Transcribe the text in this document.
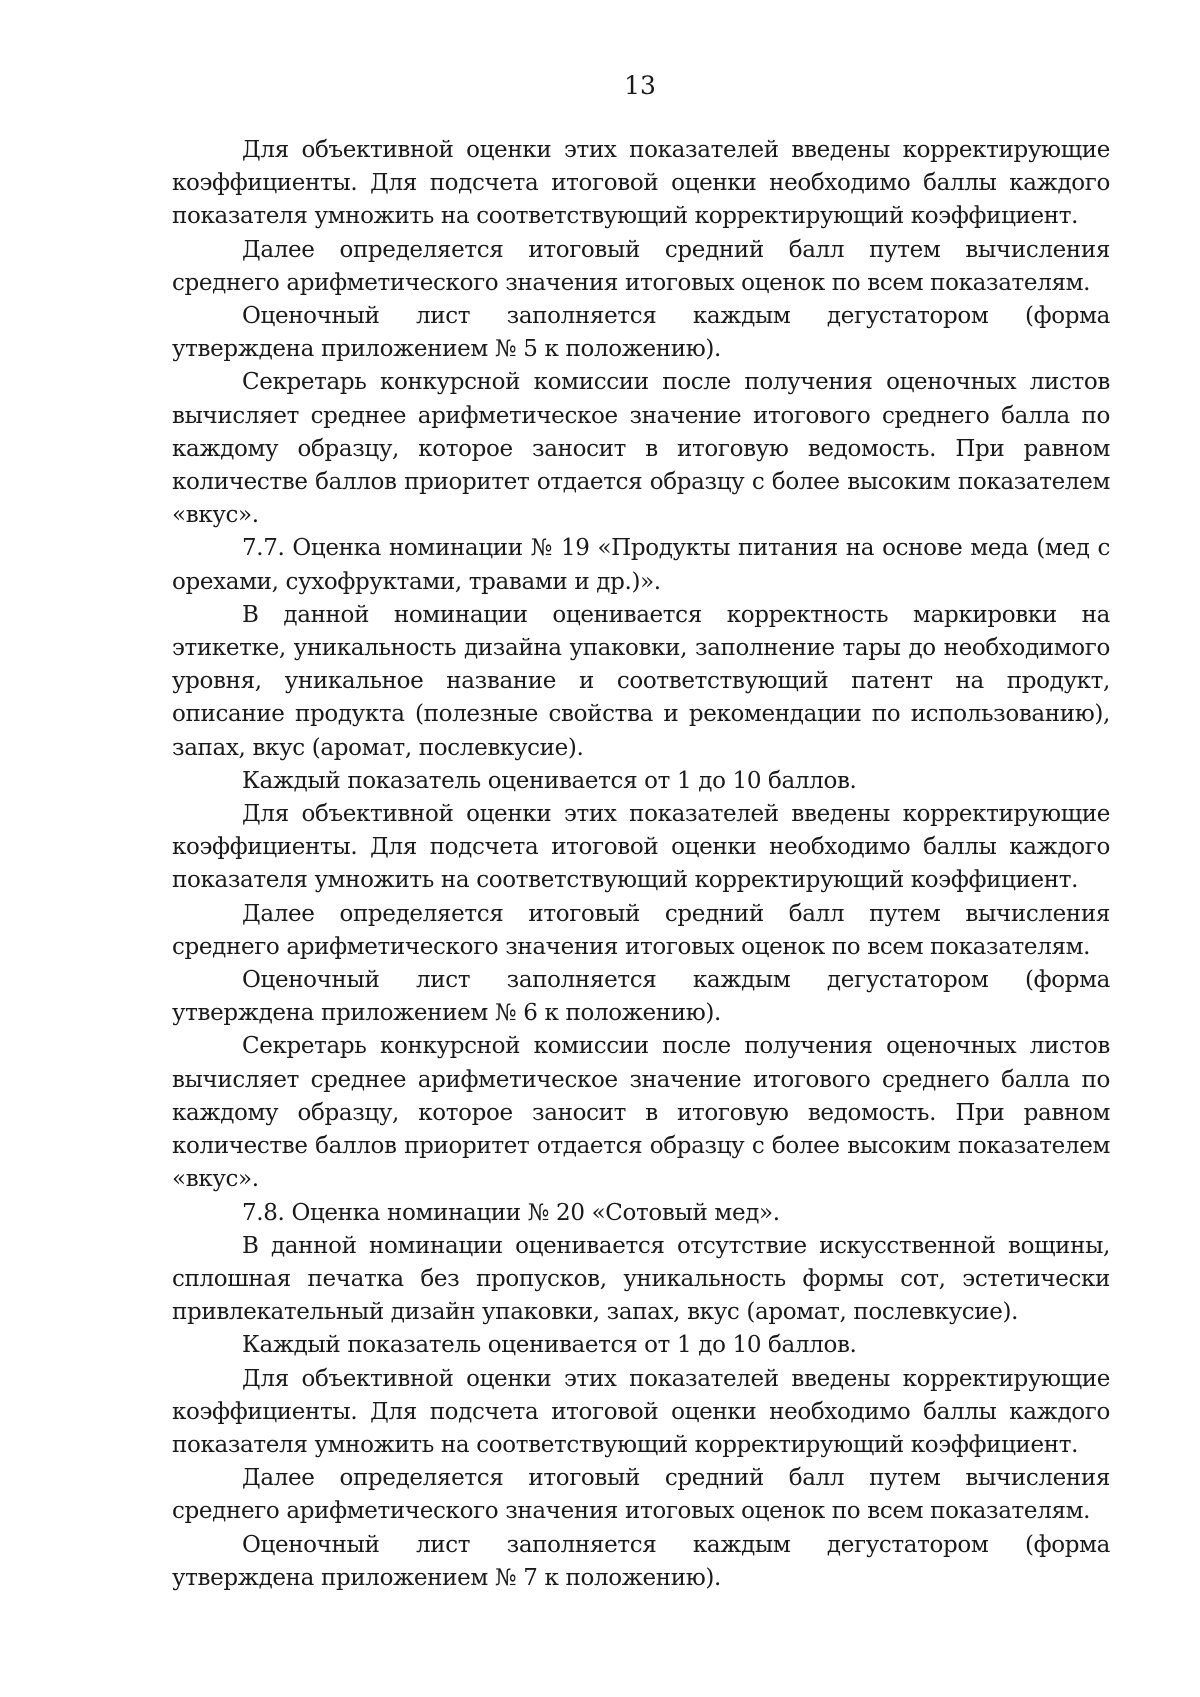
13

Для объективной оценки этих показателей введены корректирующие коэффициенты. Для подсчета итоговой оценки необходимо баллы каждого показателя умножить на соответствующий корректирующий коэффициент.

Далее определяется итоговый средний балл путем вычисления среднего арифметического значения итоговых оценок по всем показателям.

Оценочный лист заполняется каждым дегустатором (форма утверждена приложением № 5 к положению).

Секретарь конкурсной комиссии после получения оценочных листов вычисляет среднее арифметическое значение итогового среднего балла по каждому образцу, которое заносит в итоговую ведомость. При равном количестве баллов приоритет отдается образцу с более высоким показателем «вкус».

7.7. Оценка номинации № 19 «Продукты питания на основе меда (мед с орехами, сухофруктами, травами и др.)».

В данной номинации оценивается корректность маркировки на этикетке, уникальность дизайна упаковки, заполнение тары до необходимого уровня, уникальное название и соответствующий патент на продукт, описание продукта (полезные свойства и рекомендации по использованию), запах, вкус (аромат, послевкусие).

Каждый показатель оценивается от 1 до 10 баллов.

Для объективной оценки этих показателей введены корректирующие коэффициенты. Для подсчета итоговой оценки необходимо баллы каждого показателя умножить на соответствующий корректирующий коэффициент.

Далее определяется итоговый средний балл путем вычисления среднего арифметического значения итоговых оценок по всем показателям.

Оценочный лист заполняется каждым дегустатором (форма утверждена приложением № 6 к положению).

Секретарь конкурсной комиссии после получения оценочных листов вычисляет среднее арифметическое значение итогового среднего балла по каждому образцу, которое заносит в итоговую ведомость. При равном количестве баллов приоритет отдается образцу с более высоким показателем «вкус».

7.8. Оценка номинации № 20 «Сотовый мед».

В данной номинации оценивается отсутствие искусственной вощины, сплошная печатка без пропусков, уникальность формы сот, эстетически привлекательный дизайн упаковки, запах, вкус (аромат, послевкусие).

Каждый показатель оценивается от 1 до 10 баллов.

Для объективной оценки этих показателей введены корректирующие коэффициенты. Для подсчета итоговой оценки необходимо баллы каждого показателя умножить на соответствующий корректирующий коэффициент.

Далее определяется итоговый средний балл путем вычисления среднего арифметического значения итоговых оценок по всем показателям.

Оценочный лист заполняется каждым дегустатором (форма утверждена приложением № 7 к положению).
